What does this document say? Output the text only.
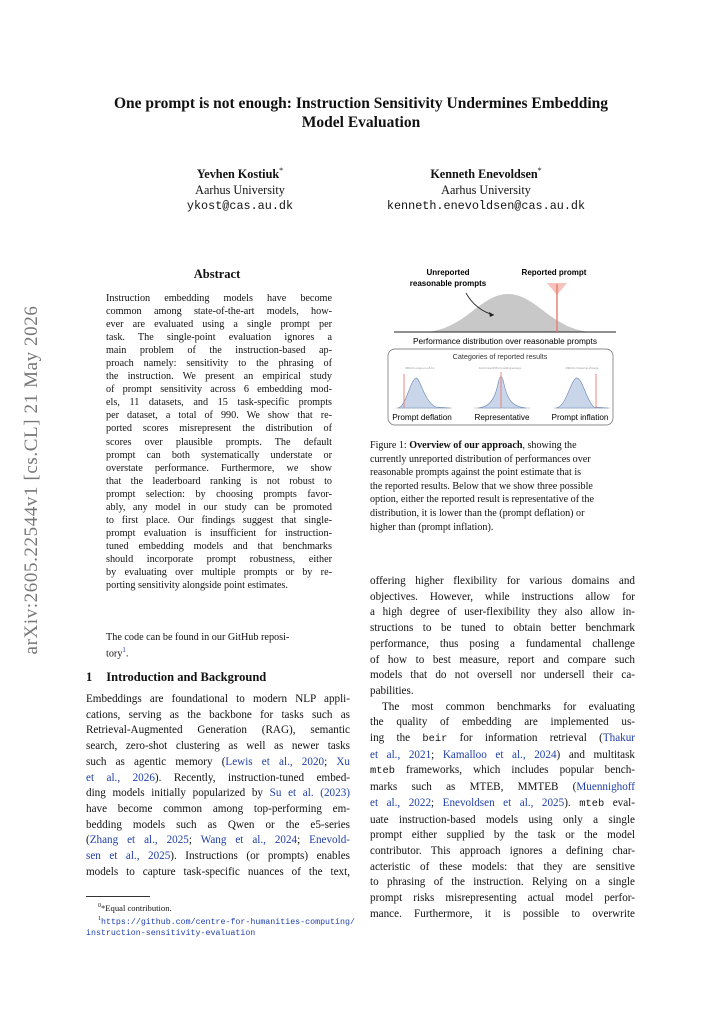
arXiv:2605.22544v1 [cs.CL] 21 May 2026
One prompt is not enough: Instruction Sensitivity Undermines Embedding
Model Evaluation
Yevhen Kostiuk*
Aarhus University
ykost@cas.au.dk
Kenneth Enevoldsen*
Aarhus University
kenneth.enevoldsen@cas.au.dk
Abstract
Instruction embedding models have become
common among state-of-the-art models, how-
ever are evaluated using a single prompt per
task. The single-point evaluation ignores a
main problem of the instruction-based ap-
proach namely: sensitivity to the phrasing of
the instruction. We present an empirical study
of prompt sensitivity across 6 embedding mod-
els, 11 datasets, and 15 task-specific prompts
per dataset, a total of 990. We show that re-
ported scores misrepresent the distribution of
scores over plausible prompts. The default
prompt can both systematically understate or
overstate performance. Furthermore, we show
that the leaderboard ranking is not robust to
prompt selection: by choosing prompts favor-
ably, any model in our study can be promoted
to first place. Our findings suggest that single-
prompt evaluation is insufficient for instruction-
tuned embedding models and that benchmarks
should incorporate prompt robustness, either
by evaluating over multiple prompts or by re-
porting sensitivity alongside point estimates.

The code can be found in our GitHub reposi-

tory$^1$.

1 Introduction and Background
Embeddings are foundational to modern NLP appli-
cations, serving as the backbone for tasks such as
Retrieval-Augmented Generation (RAG), semantic
search, zero-shot clustering as well as newer tasks
such as agentic memory (Lewis et al., 2020; Xu
et al., 2026). Recently, instruction-tuned embed-
ding models initially popularized by Su et al. (2023)
have become common among top-performing em-
bedding models such as Qwen or the e5-series
(Zhang et al., 2025; Wang et al., 2024; Enevold-
sen et al., 2025). Instructions (or prompts) enables
models to capture task-specific nuances of the text,
offering higher flexibility for various domains and
objectives. However, while instructions allow for
a high degree of user-flexibility they also allow in-
structions to be tuned to obtain better benchmark
performance, thus posing a fundamental challenge
of how to best measure, report and compare such
models that do not oversell nor undersell their ca-
pabilities.
The most common benchmarks for evaluating
the quality of embedding are implemented us-
ing the beir for information retrieval (Thakur
et al., 2021; Kamalloo et al., 2024) and multitask
mteb frameworks, which includes popular bench-
marks such as MTEB, MMTEB (Muennighoff
et al., 2022; Enevoldsen et al., 2025). mteb eval-
uate instruction-based models using only a single
prompt either supplied by the task or the model
contributor. This approach ignores a defining char-
acteristic of these models: that they are sensitive
to phrasing of the instruction. Relying on a single
prompt risks misrepresenting actual model perfor-
mance. Furthermore, it is possible to overwrite
$^0$*Equal contribution.
$^1$https://github.com/centre-for-humanities-computing/
instruction-sensitivity-evaluation
Unreported
reasonable prompts
Reported prompt
Performance distribution over reasonable prompts
Categories of reported results
MIRACL-Large-en-e5-0.1
Prompt deflation
ArxivClusterP2P.v2-multilingual-large
Representative
MIRACL-Clustering-e5-large
Prompt inflation
Figure 1: Overview of our approach, showing the
currently unreported distribution of performances over
reasonable prompts against the point estimate that is
the reported results. Below that we show three possible
option, either the reported result is representative of the
distribution, it is lower than the (prompt deflation) or
higher than (prompt inflation).
